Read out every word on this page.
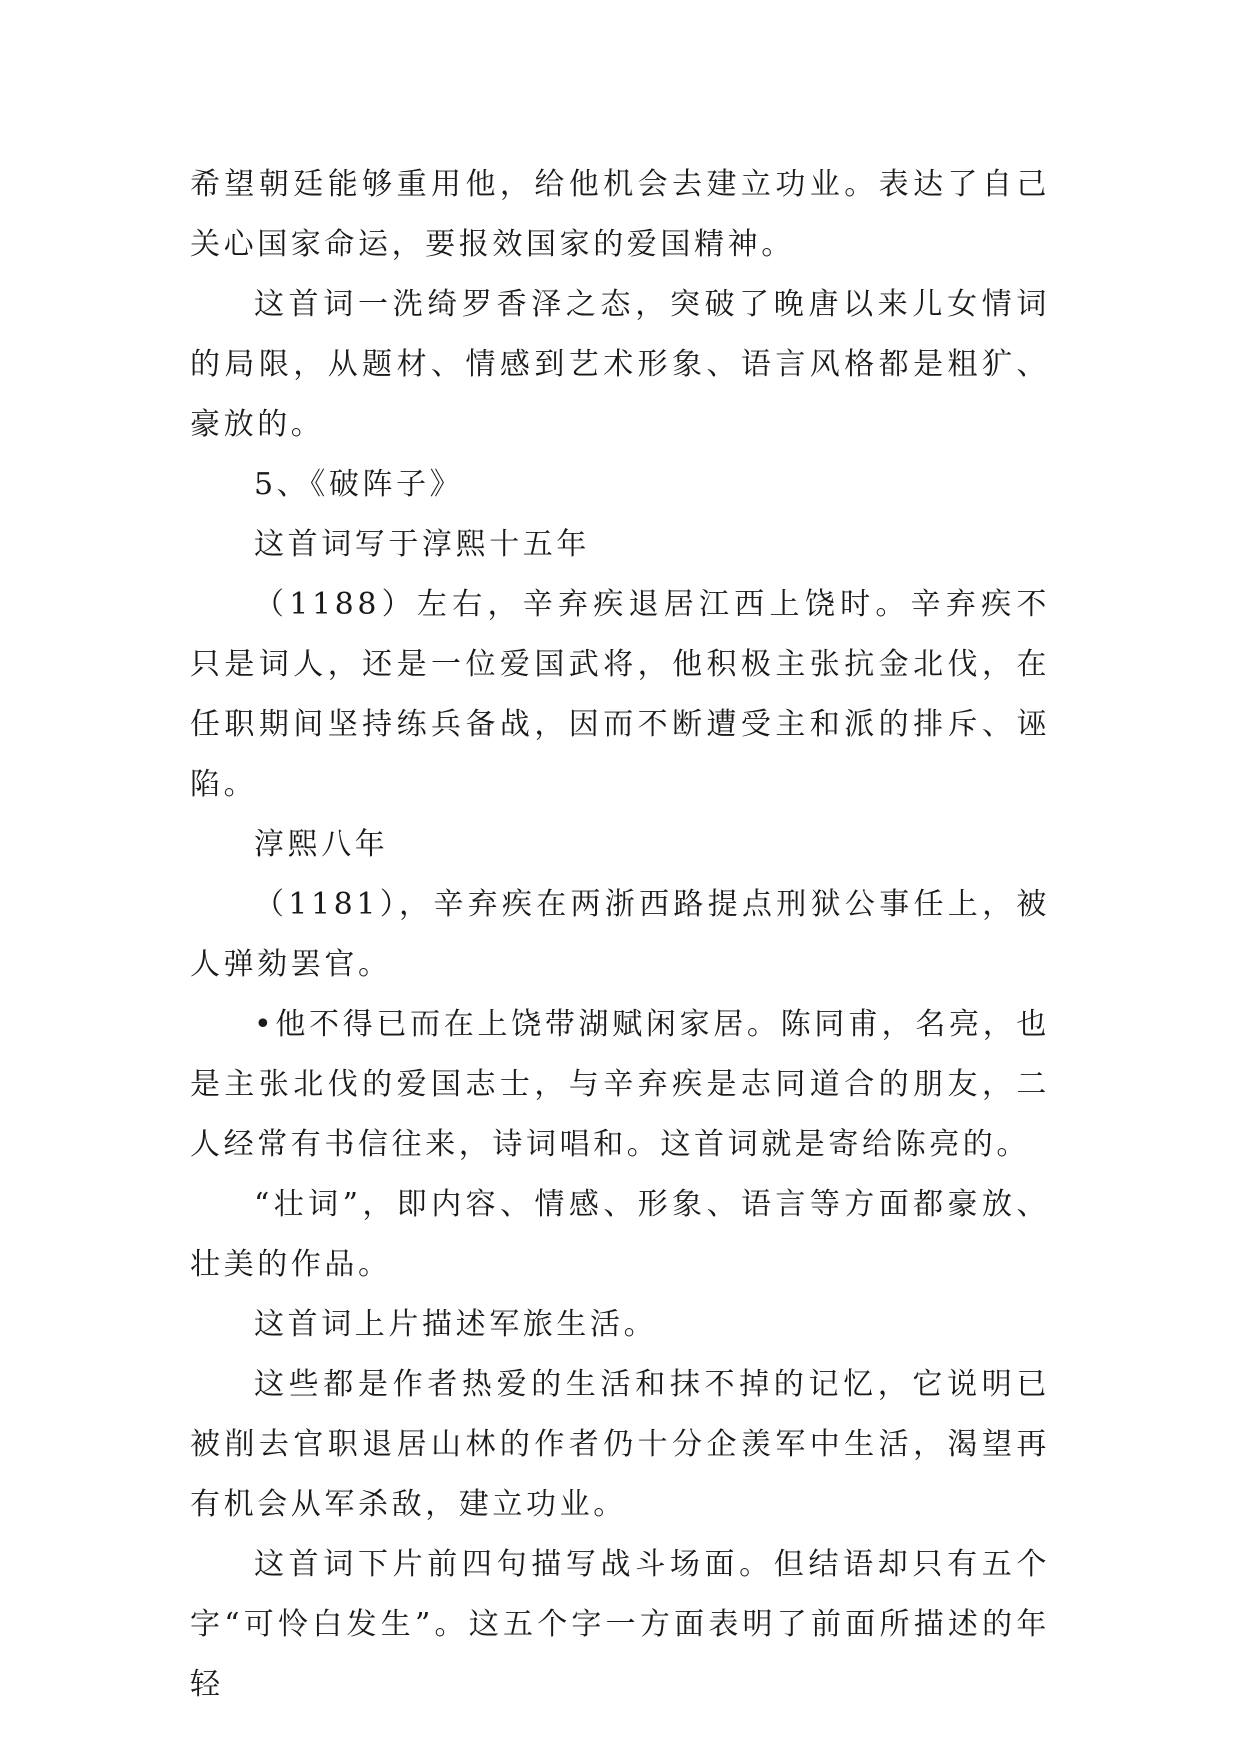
希望朝廷能够重用他，给他机会去建立功业。表达了自己关心国家命运，要报效国家的爱国精神。

这首词一洗绮罗香泽之态，突破了晚唐以来儿女情词的局限，从题材、情感到艺术形象、语言风格都是粗犷、豪放的。

5、《破阵子》

这首词写于淳熙十五年

（1188）左右，辛弃疾退居江西上饶时。辛弃疾不只是词人，还是一位爱国武将，他积极主张抗金北伐，在任职期间坚持练兵备战，因而不断遭受主和派的排斥、诬陷。

淳熙八年

（1181），辛弃疾在两浙西路提点刑狱公事任上，被人弹劾罢官。

•他不得已而在上饶带湖赋闲家居。陈同甫，名亮，也是主张北伐的爱国志士，与辛弃疾是志同道合的朋友，二人经常有书信往来，诗词唱和。这首词就是寄给陈亮的。

“壮词”，即内容、情感、形象、语言等方面都豪放、壮美的作品。

这首词上片描述军旅生活。

这些都是作者热爱的生活和抹不掉的记忆，它说明已被削去官职退居山林的作者仍十分企羡军中生活，渴望再有机会从军杀敌，建立功业。

这首词下片前四句描写战斗场面。但结语却只有五个字“可怜白发生”。这五个字一方面表明了前面所描述的年轻
